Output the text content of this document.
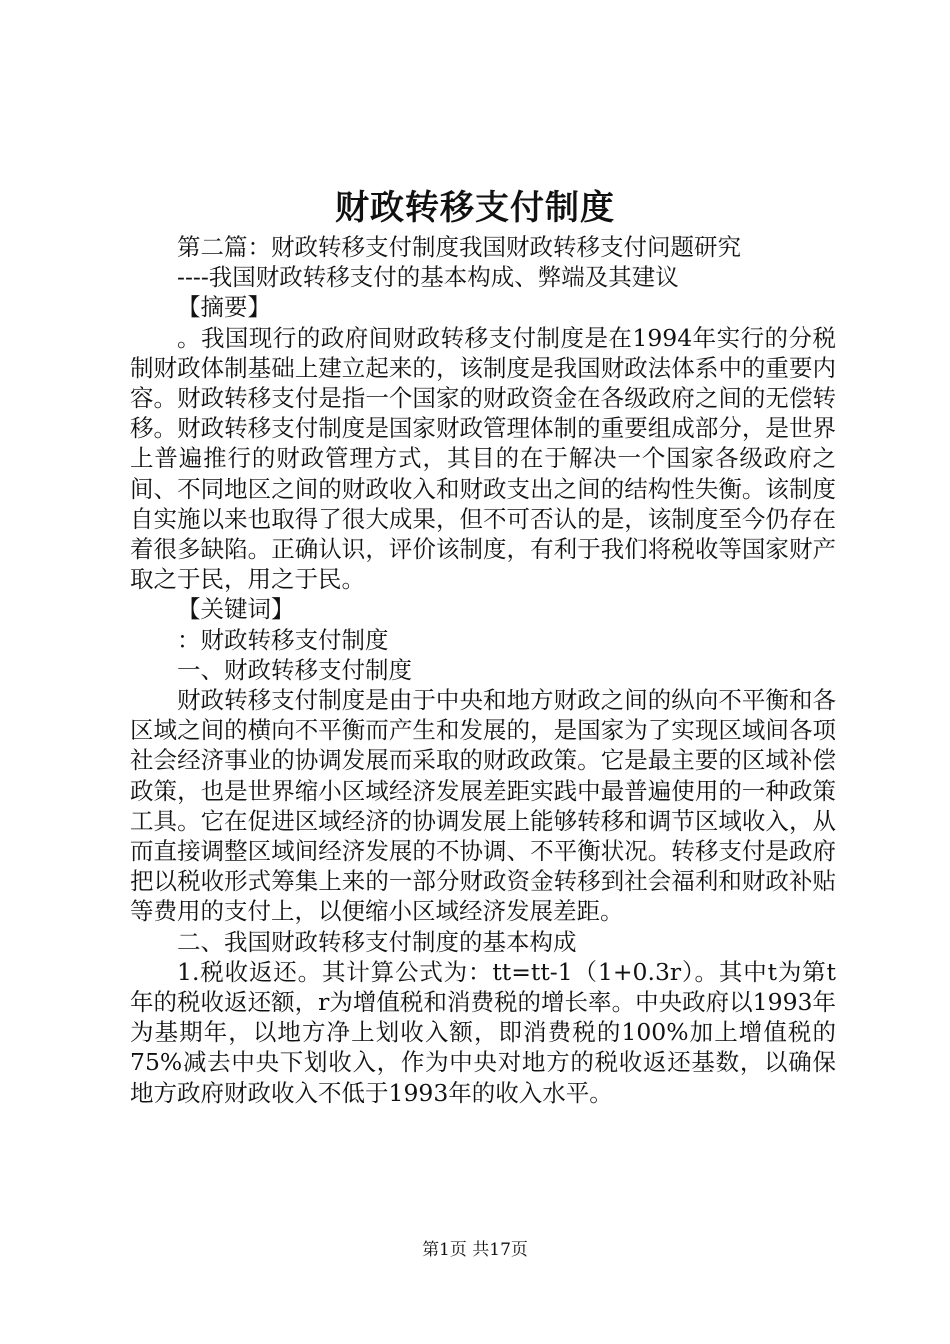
财政转移支付制度

第二篇：财政转移支付制度我国财政转移支付问题研究

----我国财政转移支付的基本构成、弊端及其建议

【摘要】

。我国现行的政府间财政转移支付制度是在1994年实行的分税制财政体制基础上建立起来的，该制度是我国财政法体系中的重要内容。财政转移支付是指一个国家的财政资金在各级政府之间的无偿转移。财政转移支付制度是国家财政管理体制的重要组成部分，是世界上普遍推行的财政管理方式，其目的在于解决一个国家各级政府之间、不同地区之间的财政收入和财政支出之间的结构性失衡。该制度自实施以来也取得了很大成果，但不可否认的是，该制度至今仍存在着很多缺陷。正确认识，评价该制度，有利于我们将税收等国家财产取之于民，用之于民。

【关键词】

：财政转移支付制度

一、财政转移支付制度

财政转移支付制度是由于中央和地方财政之间的纵向不平衡和各区域之间的横向不平衡而产生和发展的，是国家为了实现区域间各项社会经济事业的协调发展而采取的财政政策。它是最主要的区域补偿政策，也是世界缩小区域经济发展差距实践中最普遍使用的一种政策工具。它在促进区域经济的协调发展上能够转移和调节区域收入，从而直接调整区域间经济发展的不协调、不平衡状况。转移支付是政府把以税收形式筹集上来的一部分财政资金转移到社会福利和财政补贴等费用的支付上，以便缩小区域经济发展差距。

二、我国财政转移支付制度的基本构成

1.税收返还。其计算公式为：tt=tt-1（1+0.3r）。其中t为第t年的税收返还额，r为增值税和消费税的增长率。中央政府以1993年为基期年，以地方净上划收入额，即消费税的100%加上增值税的75%减去中央下划收入，作为中央对地方的税收返还基数，以确保地方政府财政收入不低于1993年的收入水平。

第1页 共17页
